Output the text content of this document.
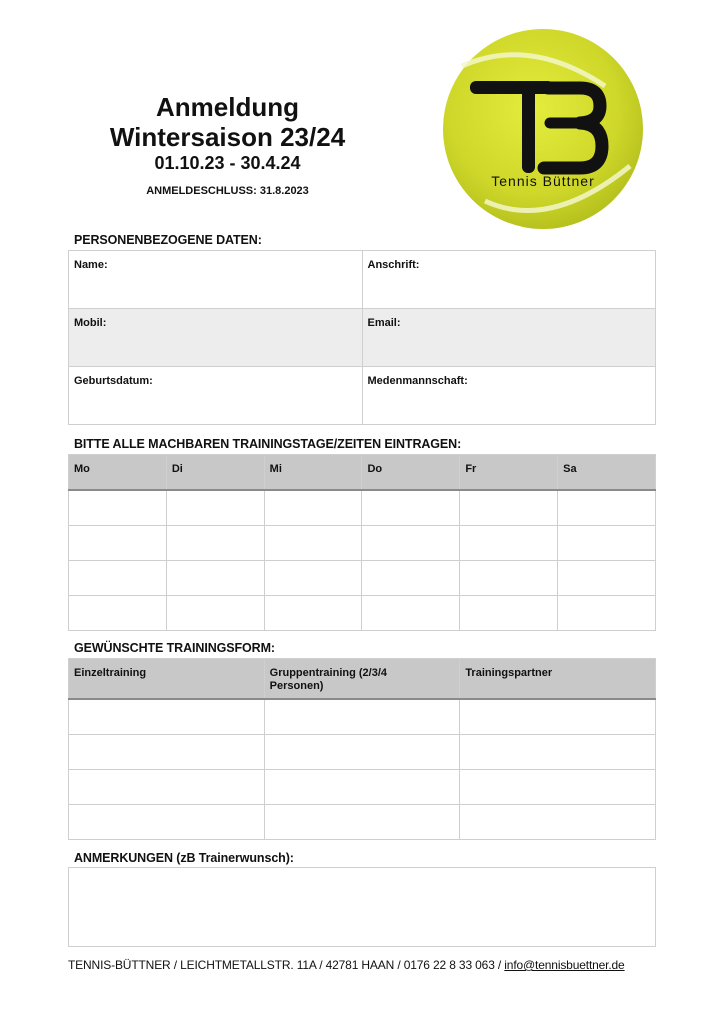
Anmeldung
Wintersaison 23/24
01.10.23 - 30.4.24
ANMELDESCHLUSS: 31.8.2023
Tennis Büttner
PERSONENBEZOGENE DATEN:
Name:	Anschrift:

Mobil:	Email:

Geburtsdatum:	Medenmannschaft:
BITTE ALLE MACHBAREN TRAININGSTAGE/ZEITEN EINTRAGEN:
Mo	Di	Mi	Do	Fr	Sa

GEWÜNSCHTE TRAININGSFORM:
Einzeltraining	Gruppentraining (2/3/4 Personen)	Trainingspartner

ANMERKUNGEN (zB Trainerwunsch):
TENNIS-BÜTTNER / LEICHTMETALLSTR. 11A / 42781 HAAN / 0176 22 8 33 063 / info@tennisbuettner.de
